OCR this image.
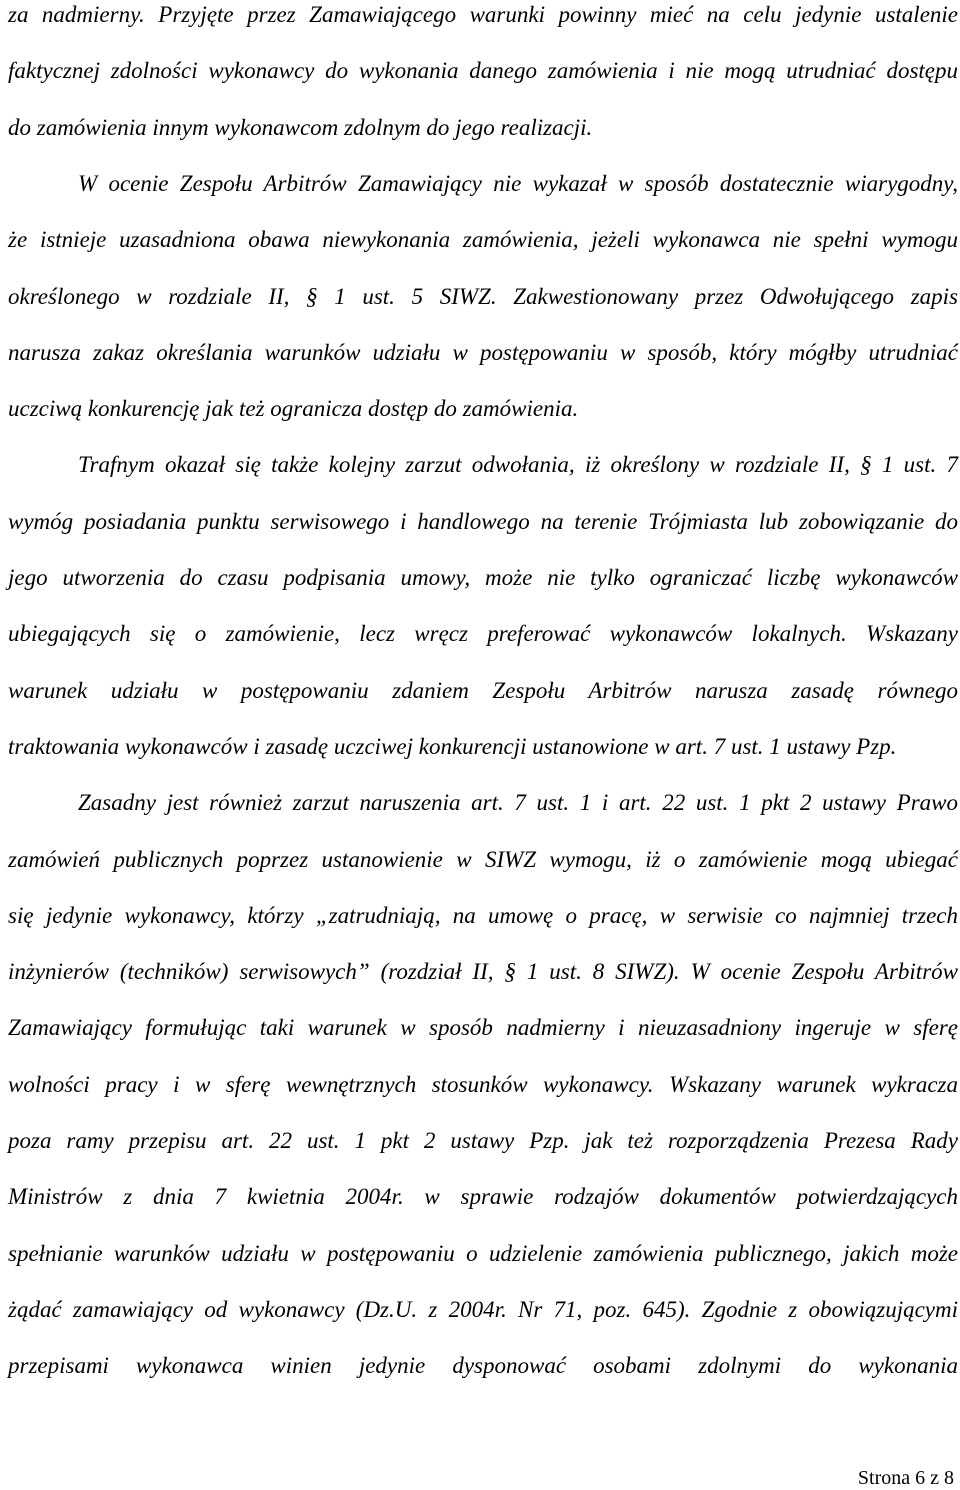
przepisami wykonawca winien jedynie dysponować osobami zdolnymi do wykonania
żądać zamawiający od wykonawcy (Dz.U. z 2004r. Nr 71, poz. 645). Zgodnie z obowiązującymi
spełnianie warunków udziału w postępowaniu o udzielenie zamówienia publicznego, jakich może
Ministrów z dnia 7 kwietnia 2004r. w sprawie rodzajów dokumentów potwierdzających
poza ramy przepisu art. 22 ust. 1 pkt 2 ustawy Pzp. jak też rozporządzenia Prezesa Rady
wolności pracy i w sferę wewnętrznych stosunków wykonawcy. Wskazany warunek wykracza
Zamawiający formułując taki warunek w sposób nadmierny i nieuzasadniony ingeruje w sferę
inżynierów (techników) serwisowych” (rozdział II, § 1 ust. 8 SIWZ). W ocenie Zespołu Arbitrów
się jedynie wykonawcy, którzy „zatrudniają, na umowę o pracę, w serwisie co najmniej trzech
zamówień publicznych poprzez ustanowienie w SIWZ wymogu, iż o zamówienie mogą ubiegać
Zasadny jest również zarzut naruszenia art. 7 ust. 1 i art. 22 ust. 1 pkt 2 ustawy Prawo
traktowania wykonawców i zasadę uczciwej konkurencji ustanowione w art. 7 ust. 1 ustawy Pzp.
warunek udziału w postępowaniu zdaniem Zespołu Arbitrów narusza zasadę równego
ubiegających się o zamówienie, lecz wręcz preferować wykonawców lokalnych. Wskazany
jego utworzenia do czasu podpisania umowy, może nie tylko ograniczać liczbę wykonawców
wymóg posiadania punktu serwisowego i handlowego na terenie Trójmiasta lub zobowiązanie do
Trafnym okazał się także kolejny zarzut odwołania, iż określony w rozdziale II, § 1 ust. 7
uczciwą konkurencję jak też ogranicza dostęp do zamówienia.
narusza zakaz określania warunków udziału w postępowaniu w sposób, który mógłby utrudniać
określonego w rozdziale II, § 1 ust. 5 SIWZ. Zakwestionowany przez Odwołującego zapis
że istnieje uzasadniona obawa niewykonania zamówienia, jeżeli wykonawca nie spełni wymogu
W ocenie Zespołu Arbitrów Zamawiający nie wykazał w sposób dostatecznie wiarygodny,
do zamówienia innym wykonawcom zdolnym do jego realizacji.
faktycznej zdolności wykonawcy do wykonania danego zamówienia i nie mogą utrudniać dostępu
za nadmierny. Przyjęte przez Zamawiającego warunki powinny mieć na celu jedynie ustalenie
Strona 6 z 8
